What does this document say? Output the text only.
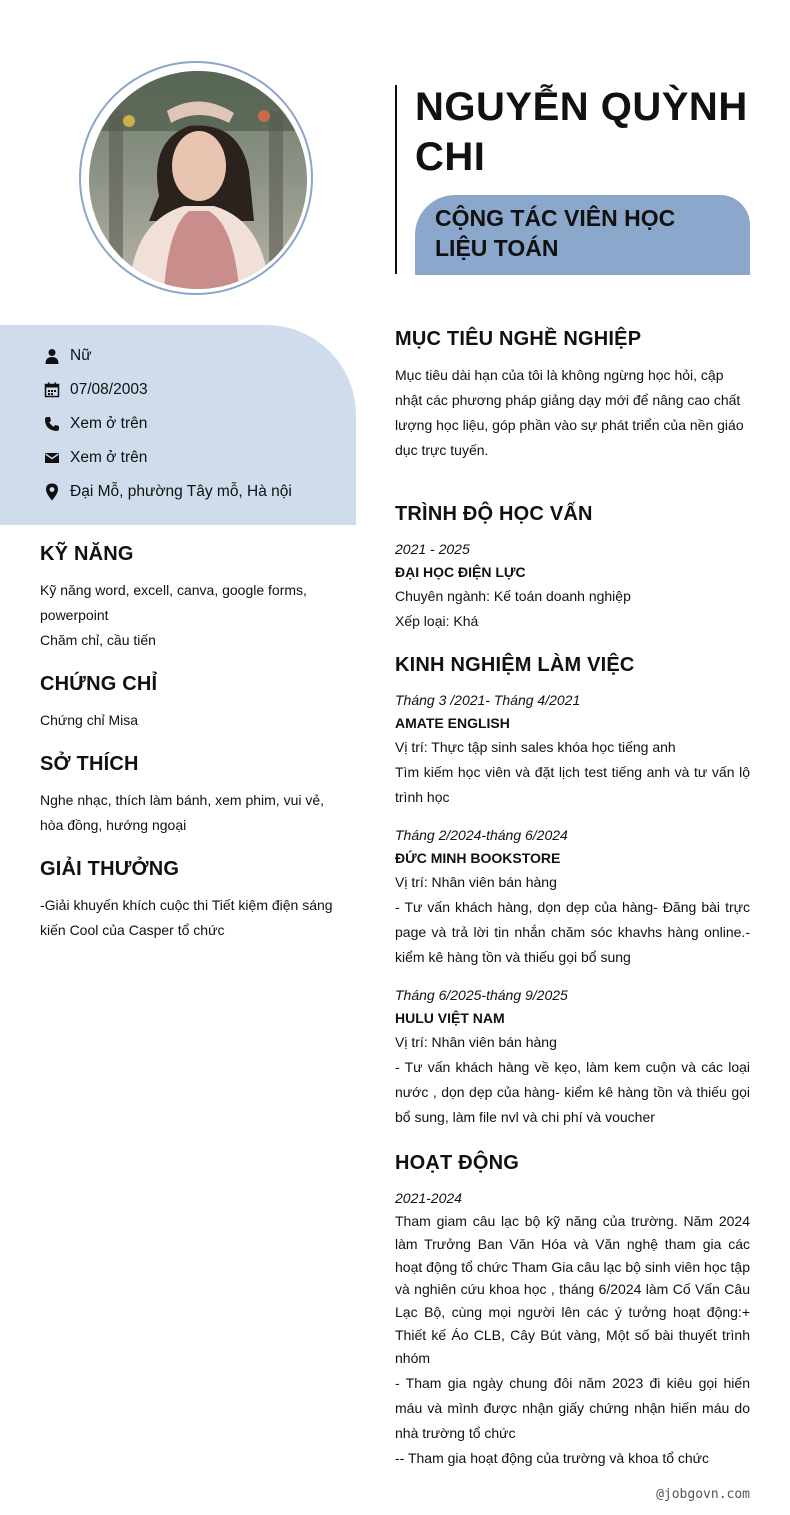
NGUYỄN QUỲNH CHI

CỘNG TÁC VIÊN HỌC LIỆU TOÁN

Nữ
07/08/2003
Xem ở trên
Xem ở trên
Đại Mỗ, phường Tây mỗ, Hà nội
KỸ NĂNG

Kỹ năng word, excell, canva, google forms, powerpoint

Chăm chỉ, cầu tiến

CHỨNG CHỈ

Chứng chỉ Misa

SỞ THÍCH

Nghe nhạc, thích làm bánh, xem phim, vui vẻ, hòa đồng, hướng ngoại

GIẢI THƯỞNG

-Giải khuyến khích cuộc thi Tiết kiệm điện sáng kiến Cool của Casper tổ chức

MỤC TIÊU NGHỀ NGHIỆP

Mục tiêu dài hạn của tôi là không ngừng học hỏi, cập nhật các phương pháp giảng dạy mới để nâng cao chất lượng học liệu, góp phần vào sự phát triển của nền giáo dục trực tuyến.

TRÌNH ĐỘ HỌC VẤN

2021 - 2025

ĐẠI HỌC ĐIỆN LỰC

Chuyên ngành: Kế toán doanh nghiệp

Xếp loại: Khá

KINH NGHIỆM LÀM VIỆC

Tháng 3 /2021- Tháng 4/2021

AMATE ENGLISH

Vị trí: Thực tập sinh sales khóa học tiếng anh

Tìm kiếm học viên và đặt lịch test tiếng anh và tư vấn lộ trình học

Tháng 2/2024-tháng 6/2024

ĐỨC MINH BOOKSTORE

Vị trí: Nhân viên bán hàng

- Tư vấn khách hàng, dọn dẹp của hàng- Đăng bài trực page và trả lời tin nhắn chăm sóc khavhs hàng online.- kiểm kê hàng tồn và thiếu gọi bổ sung

Tháng 6/2025-tháng 9/2025

HULU VIỆT NAM

Vị trí: Nhân viên bán hàng

- Tư vấn khách hàng về kẹo, làm kem cuộn và các loại nước , dọn dẹp của hàng- kiểm kê hàng tồn và thiếu gọi bổ sung, làm file nvl và chi phí và voucher

HOẠT ĐỘNG

2021-2024

Tham giam câu lạc bộ kỹ năng của trường. Năm 2024 làm Trưởng Ban Văn Hóa và Văn nghệ tham gia các hoạt động tổ chức Tham Gia câu lạc bộ sinh viên học tập và nghiên cứu khoa học , tháng 6/2024 làm Cố Vấn Câu Lạc Bộ, cùng mọi người lên các ý tưởng hoạt động:+ Thiết kế Áo CLB, Cây Bút vàng, Một số bài thuyết trình nhóm

- Tham gia ngày chung đôi năm 2023 đi kiêu gọi hiến máu và mình được nhận giấy chứng nhận hiến máu do nhà trường tổ chức

-- Tham gia hoạt động của trường và khoa tổ chức

@jobgovn.com
